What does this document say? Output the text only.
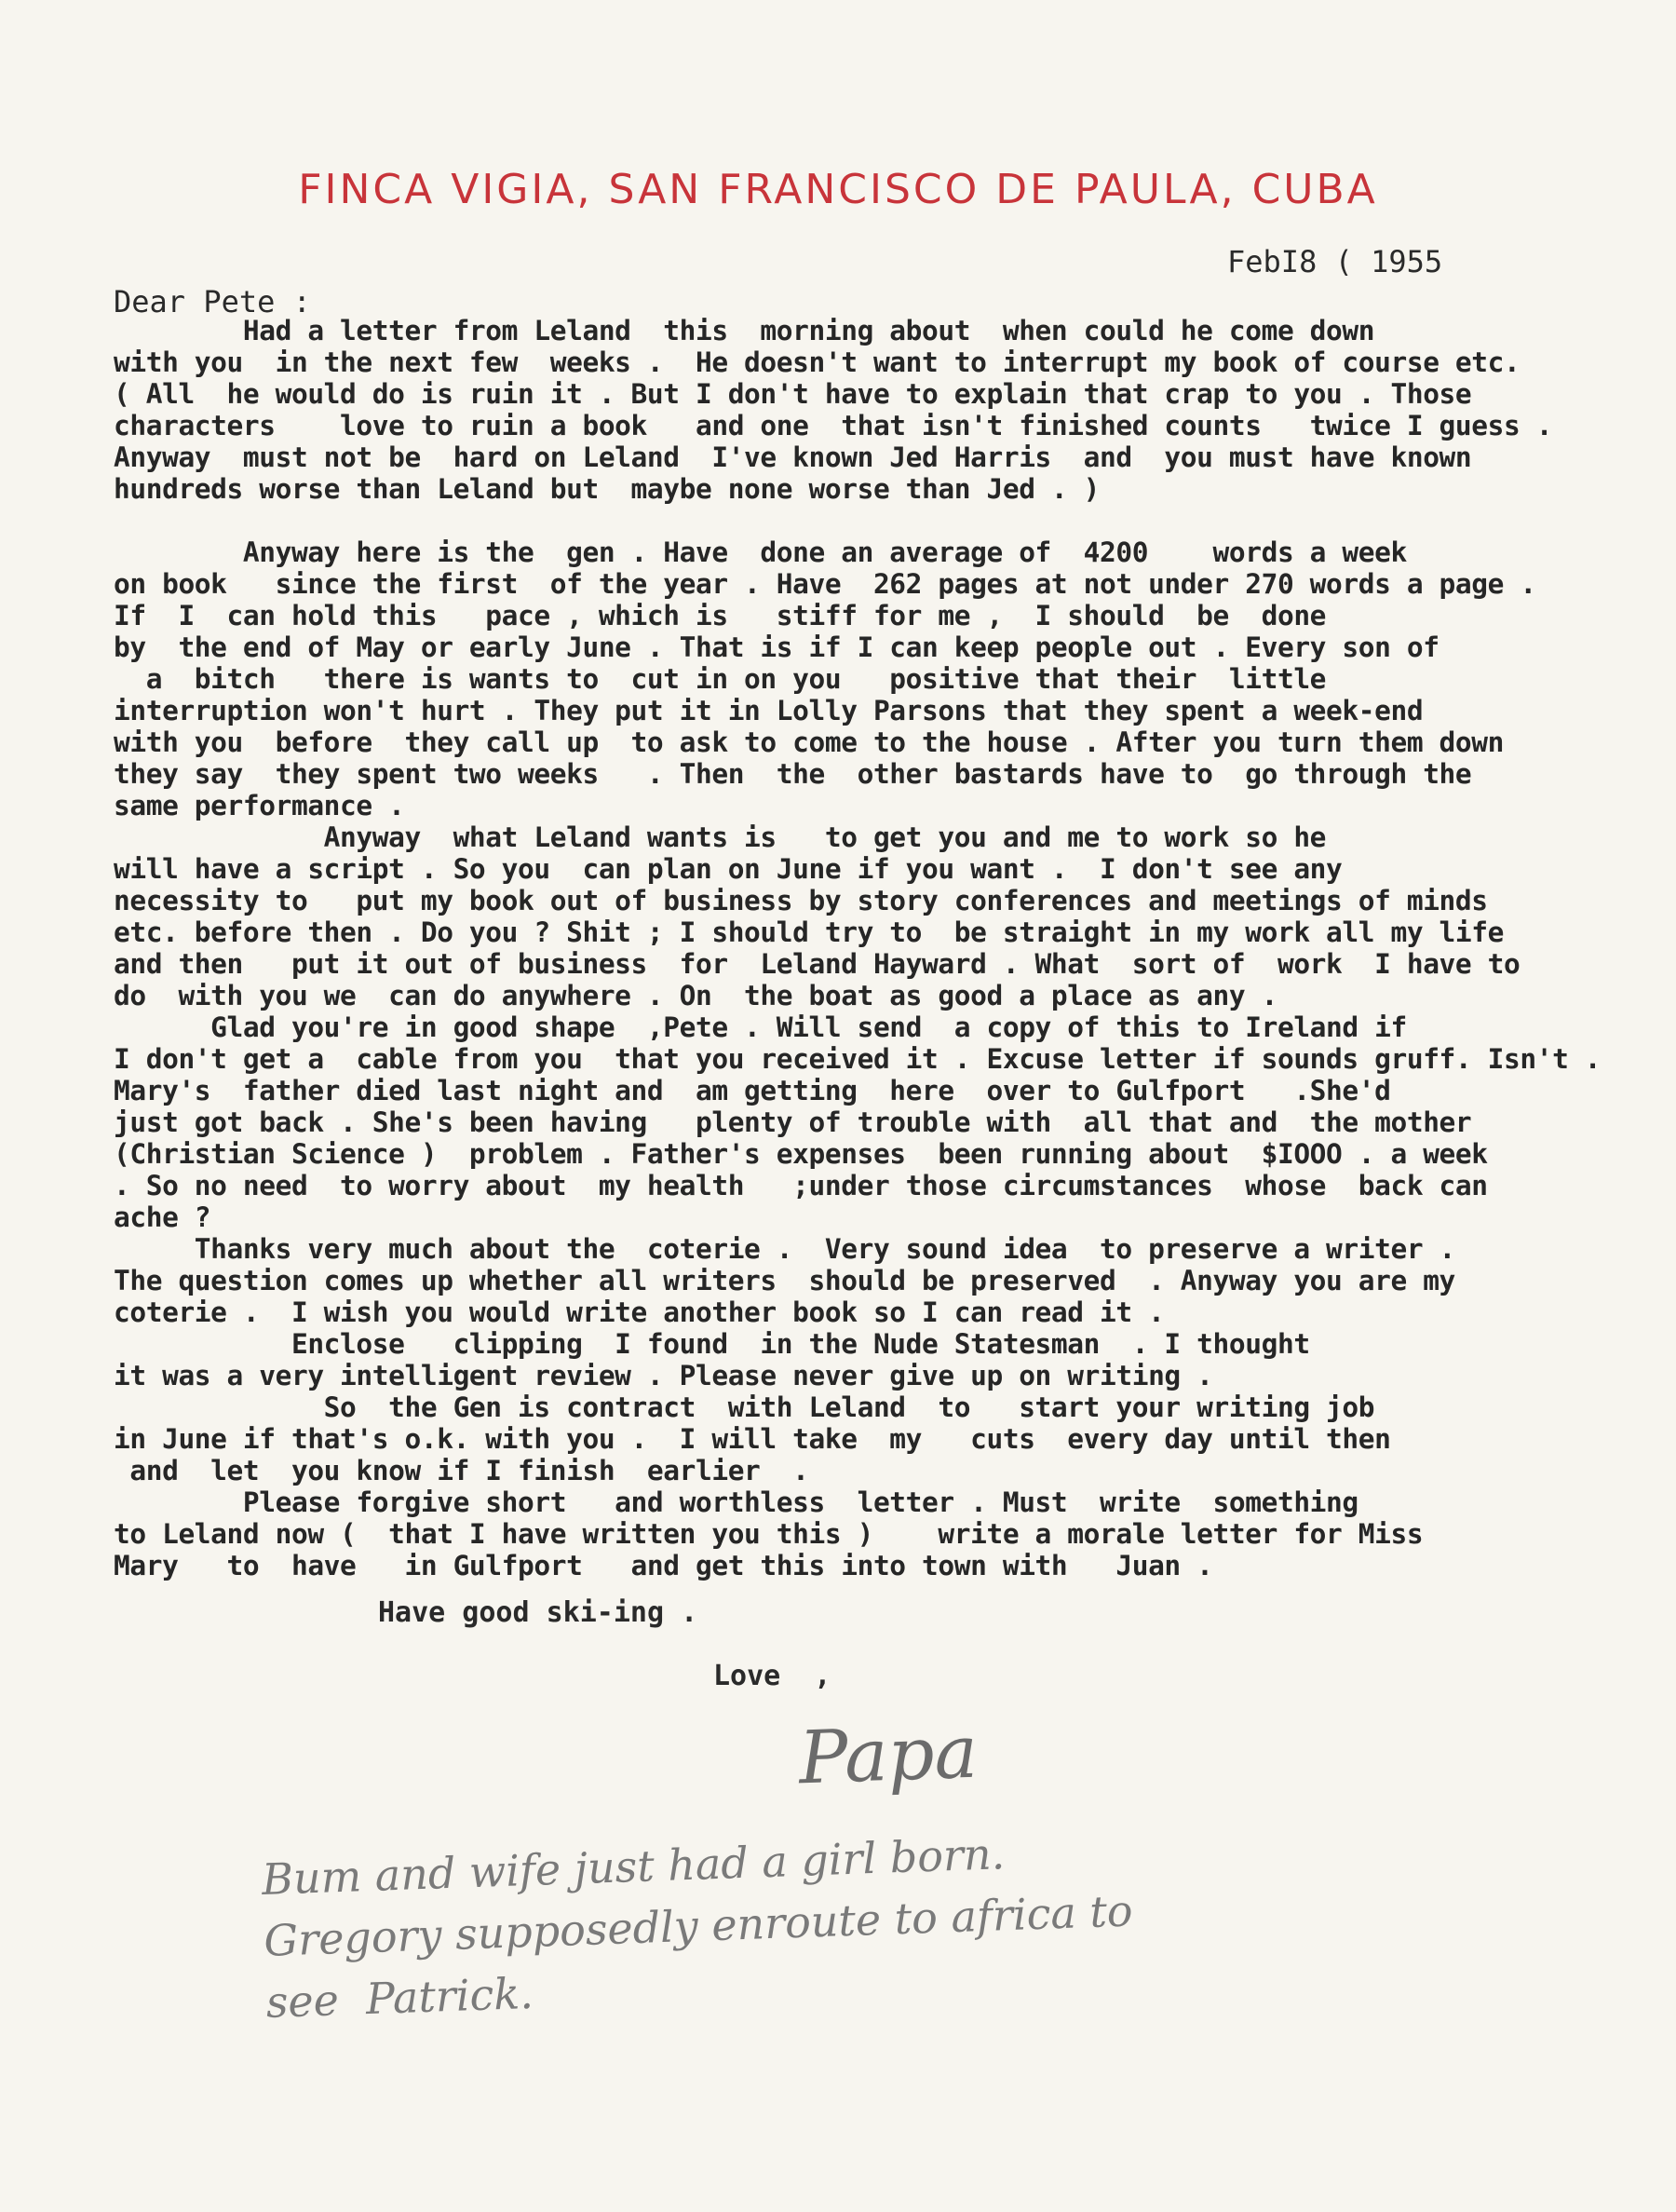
FINCA VIGIA, SAN FRANCISCO DE PAULA, CUBA
FebI8 ( 1955
Dear Pete :
Had a letter from Leland  this  morning about  when could he come down
with you  in the next few  weeks .  He doesn't want to interrupt my book of course etc.
( All  he would do is ruin it . But I don't have to explain that crap to you . Those
characters    love to ruin a book   and one  that isn't finished counts   twice I guess .
Anyway  must not be  hard on Leland  I've known Jed Harris  and  you must have known
hundreds worse than Leland but  maybe none worse than Jed . )

Anyway here is the  gen . Have  done an average of  4200    words a week
on book   since the first  of the year . Have  262 pages at not under 270 words a page .
If  I  can hold this   pace , which is   stiff for me ,  I should  be  done
by  the end of May or early June . That is if I can keep people out . Every son of
a  bitch   there is wants to  cut in on you   positive that their  little
interruption won't hurt . They put it in Lolly Parsons that they spent a week-end
with you  before  they call up  to ask to come to the house . After you turn them down
they say  they spent two weeks   . Then  the  other bastards have to  go through the
same performance .
Anyway  what Leland wants is   to get you and me to work so he
will have a script . So you  can plan on June if you want .  I don't see any
necessity to   put my book out of business by story conferences and meetings of minds
etc. before then . Do you ? Shit ; I should try to  be straight in my work all my life
and then   put it out of business  for  Leland Hayward . What  sort of  work  I have to
do  with you we  can do anywhere . On  the boat as good a place as any .
Glad you're in good shape  ,Pete . Will send  a copy of this to Ireland if
I don't get a  cable from you  that you received it . Excuse letter if sounds gruff. Isn't .
Mary's  father died last night and  am getting  here  over to Gulfport   .She'd
just got back . She's been having   plenty of trouble with  all that and  the mother
(Christian Science )  problem . Father's expenses  been running about  $IOOO . a week
. So no need  to worry about  my health   ;under those circumstances  whose  back can
ache ?
Thanks very much about the  coterie .  Very sound idea  to preserve a writer .
The question comes up whether all writers  should be preserved  . Anyway you are my
coterie .  I wish you would write another book so I can read it .
Enclose   clipping  I found  in the Nude Statesman  . I thought
it was a very intelligent review . Please never give up on writing .
So  the Gen is contract  with Leland  to   start your writing job
in June if that's o.k. with you .  I will take  my   cuts  every day until then
and  let  you know if I finish  earlier  .
Please forgive short   and worthless  letter . Must  write  something
to Leland now (  that I have written you this )    write a morale letter for Miss
Mary   to  have   in Gulfport   and get this into town with   Juan .
Have good ski-ing .
Love  ,
Papa
Bum and wife just had a girl born.
Gregory supposedly enroute to africa to
see  Patrick.
